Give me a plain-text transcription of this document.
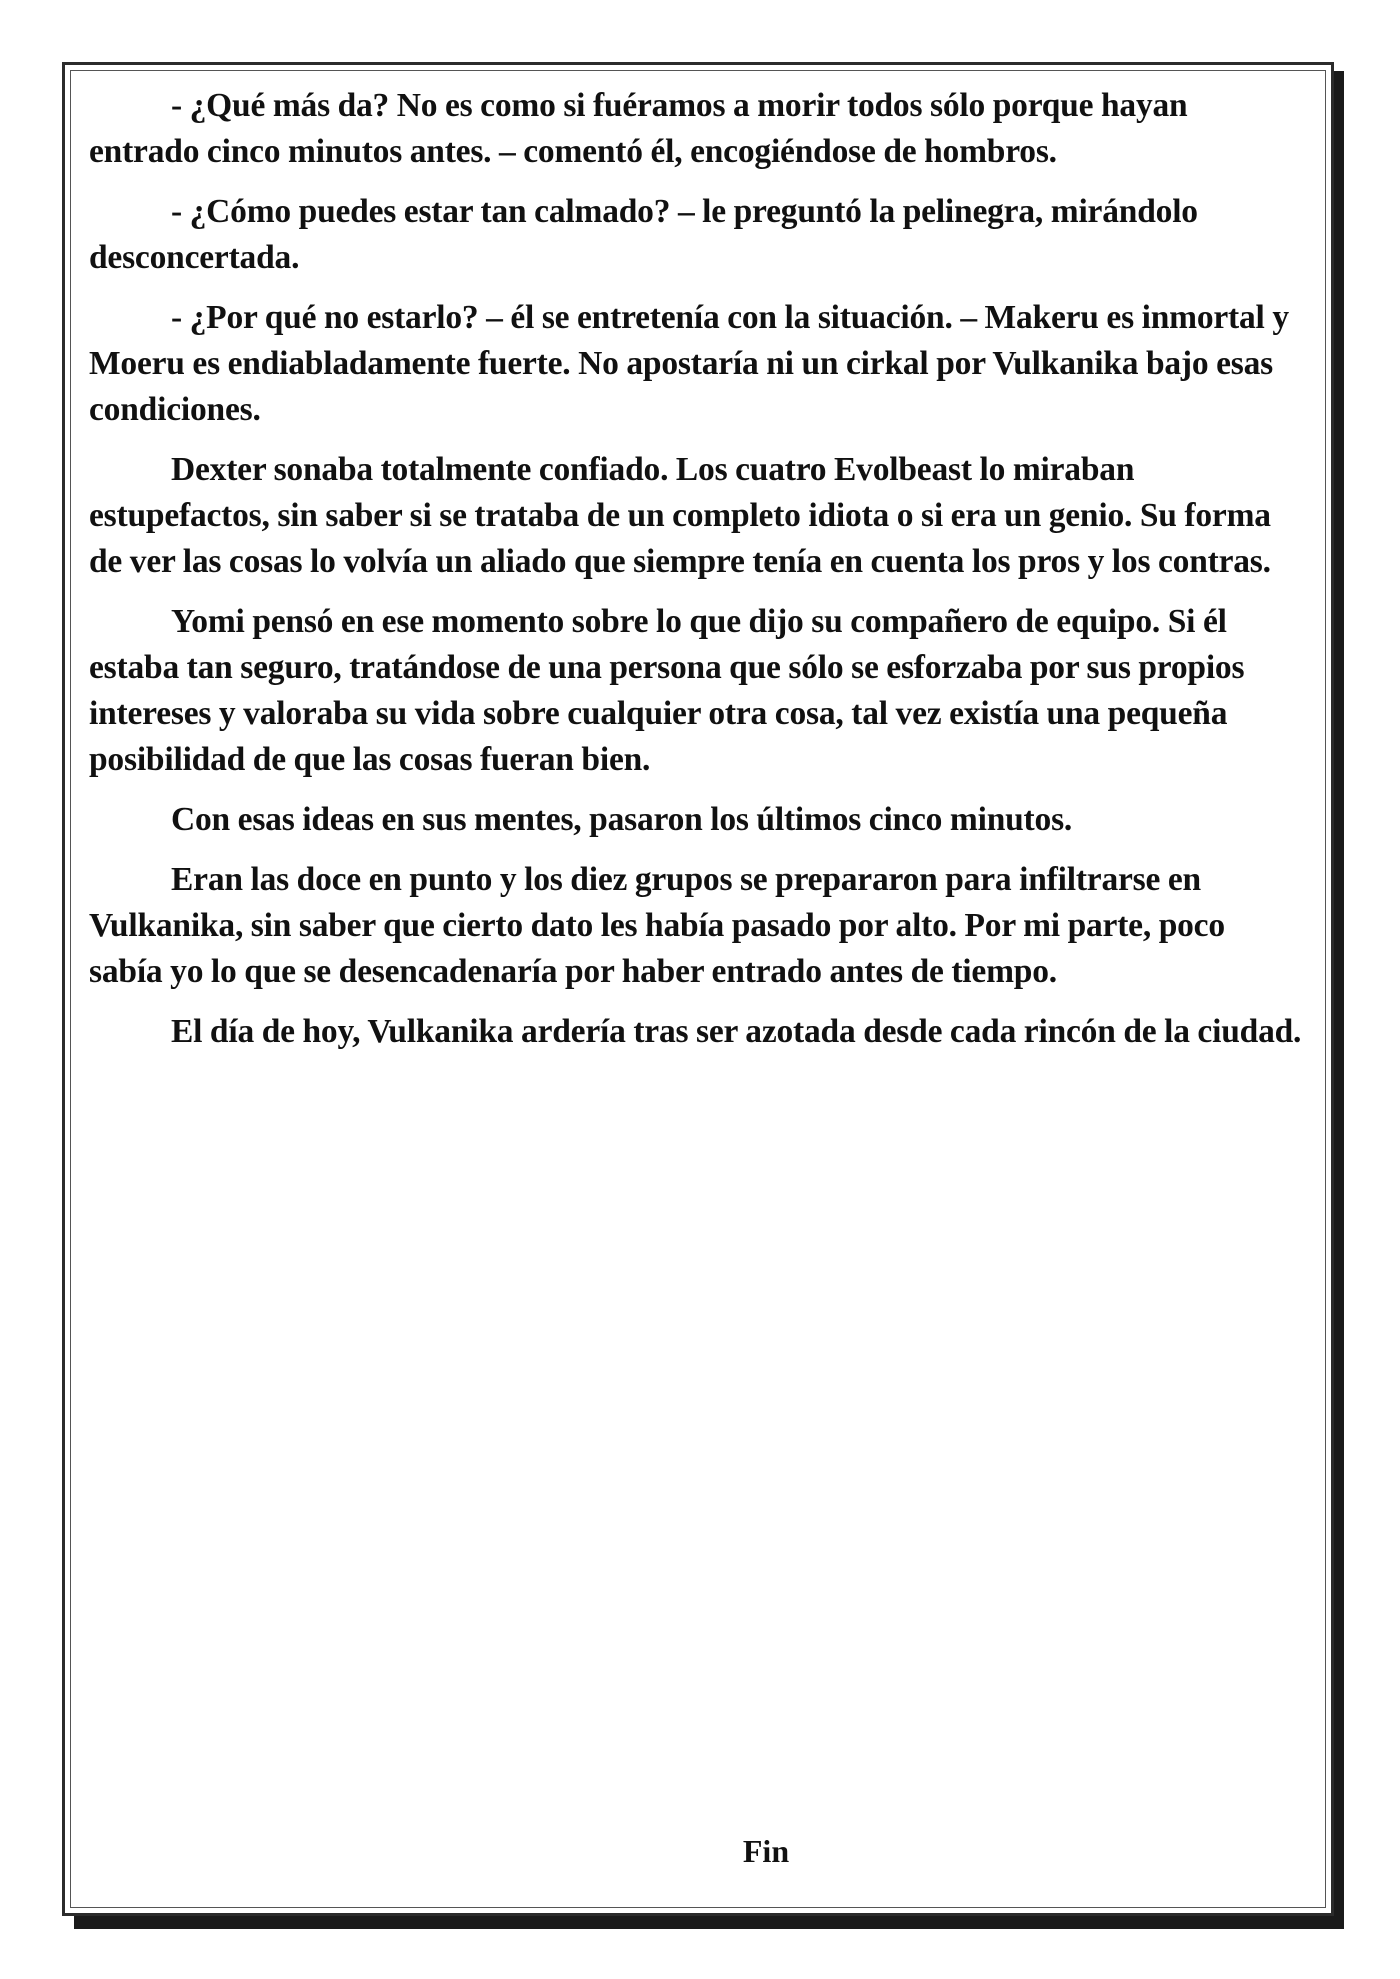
- ¿Qué más da? No es como si fuéramos a morir todos sólo porque hayan entrado cinco minutos antes. – comentó él, encogiéndose de hombros.

- ¿Cómo puedes estar tan calmado? – le preguntó la pelinegra, mirándolo desconcertada.

- ¿Por qué no estarlo? – él se entretenía con la situación. – Makeru es inmortal y Moeru es endiabladamente fuerte. No apostaría ni un cirkal por Vulkanika bajo esas condiciones.

Dexter sonaba totalmente confiado. Los cuatro Evolbeast lo miraban estupefactos, sin saber si se trataba de un completo idiota o si era un genio. Su forma de ver las cosas lo volvía un aliado que siempre tenía en cuenta los pros y los contras.

Yomi pensó en ese momento sobre lo que dijo su compañero de equipo. Si él estaba tan seguro, tratándose de una persona que sólo se esforzaba por sus propios intereses y valoraba su vida sobre cualquier otra cosa, tal vez existía una pequeña posibilidad de que las cosas fueran bien.

Con esas ideas en sus mentes, pasaron los últimos cinco minutos.

Eran las doce en punto y los diez grupos se prepararon para infiltrarse en Vulkanika, sin saber que cierto dato les había pasado por alto. Por mi parte, poco sabía yo lo que se desencadenaría por haber entrado antes de tiempo.

El día de hoy, Vulkanika ardería tras ser azotada desde cada rincón de la ciudad.

Fin
